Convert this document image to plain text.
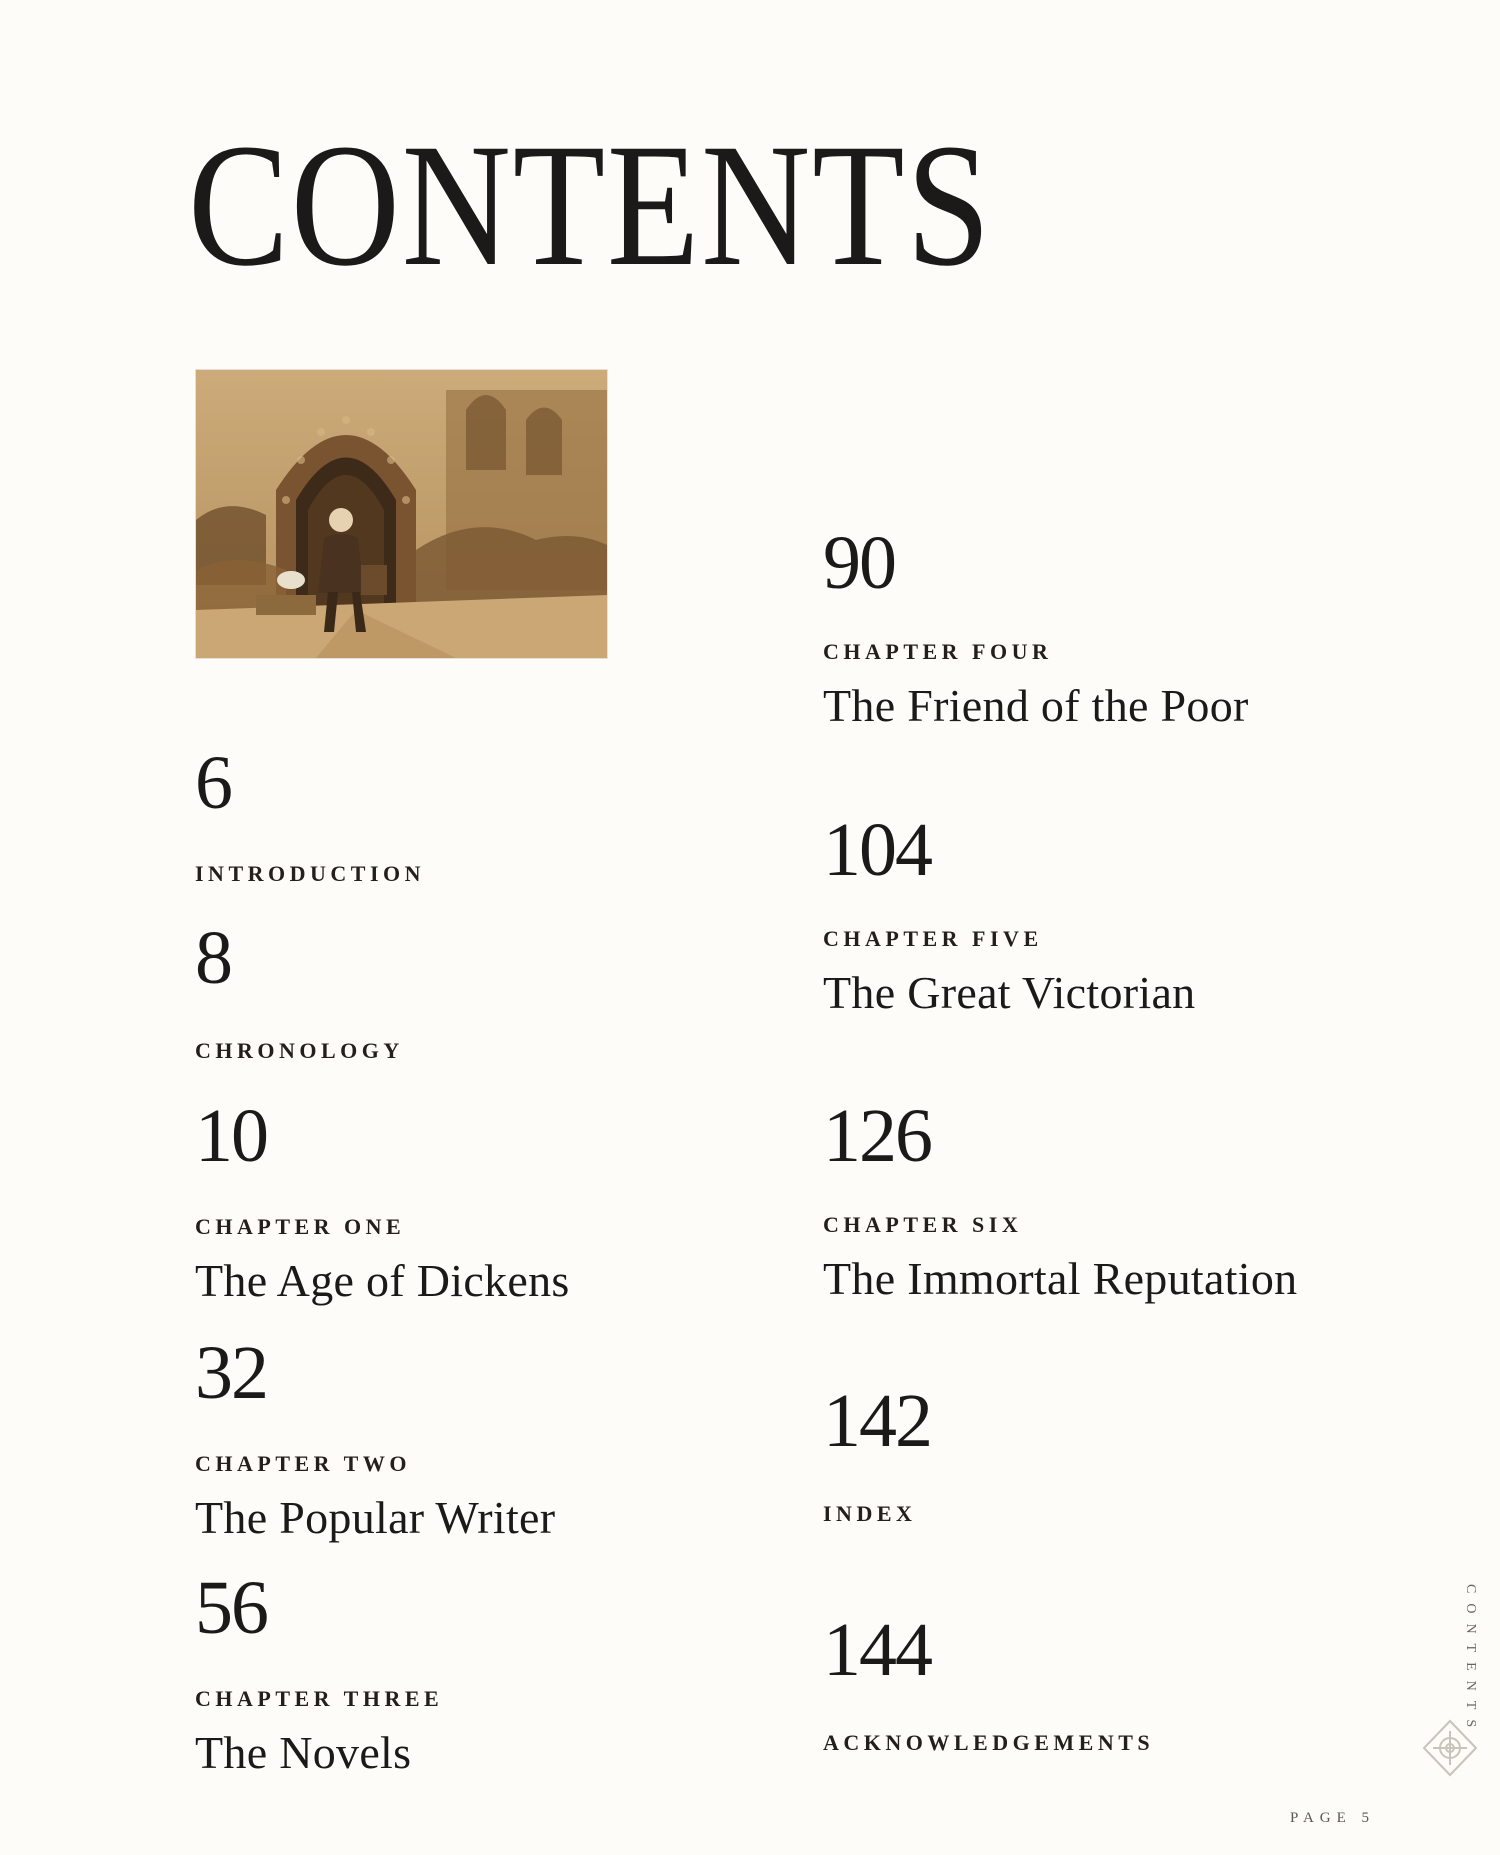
CONTENTS
6
INTRODUCTION
8
CHRONOLOGY
10
CHAPTER ONE
The Age of Dickens
32
CHAPTER TWO
The Popular Writer
56
CHAPTER THREE
The Novels
90
CHAPTER FOUR
The Friend of the Poor
104
CHAPTER FIVE
The Great Victorian
126
CHAPTER SIX
The Immortal Reputation
142
INDEX
144
ACKNOWLEDGEMENTS
CONTENTS
PAGE 5
